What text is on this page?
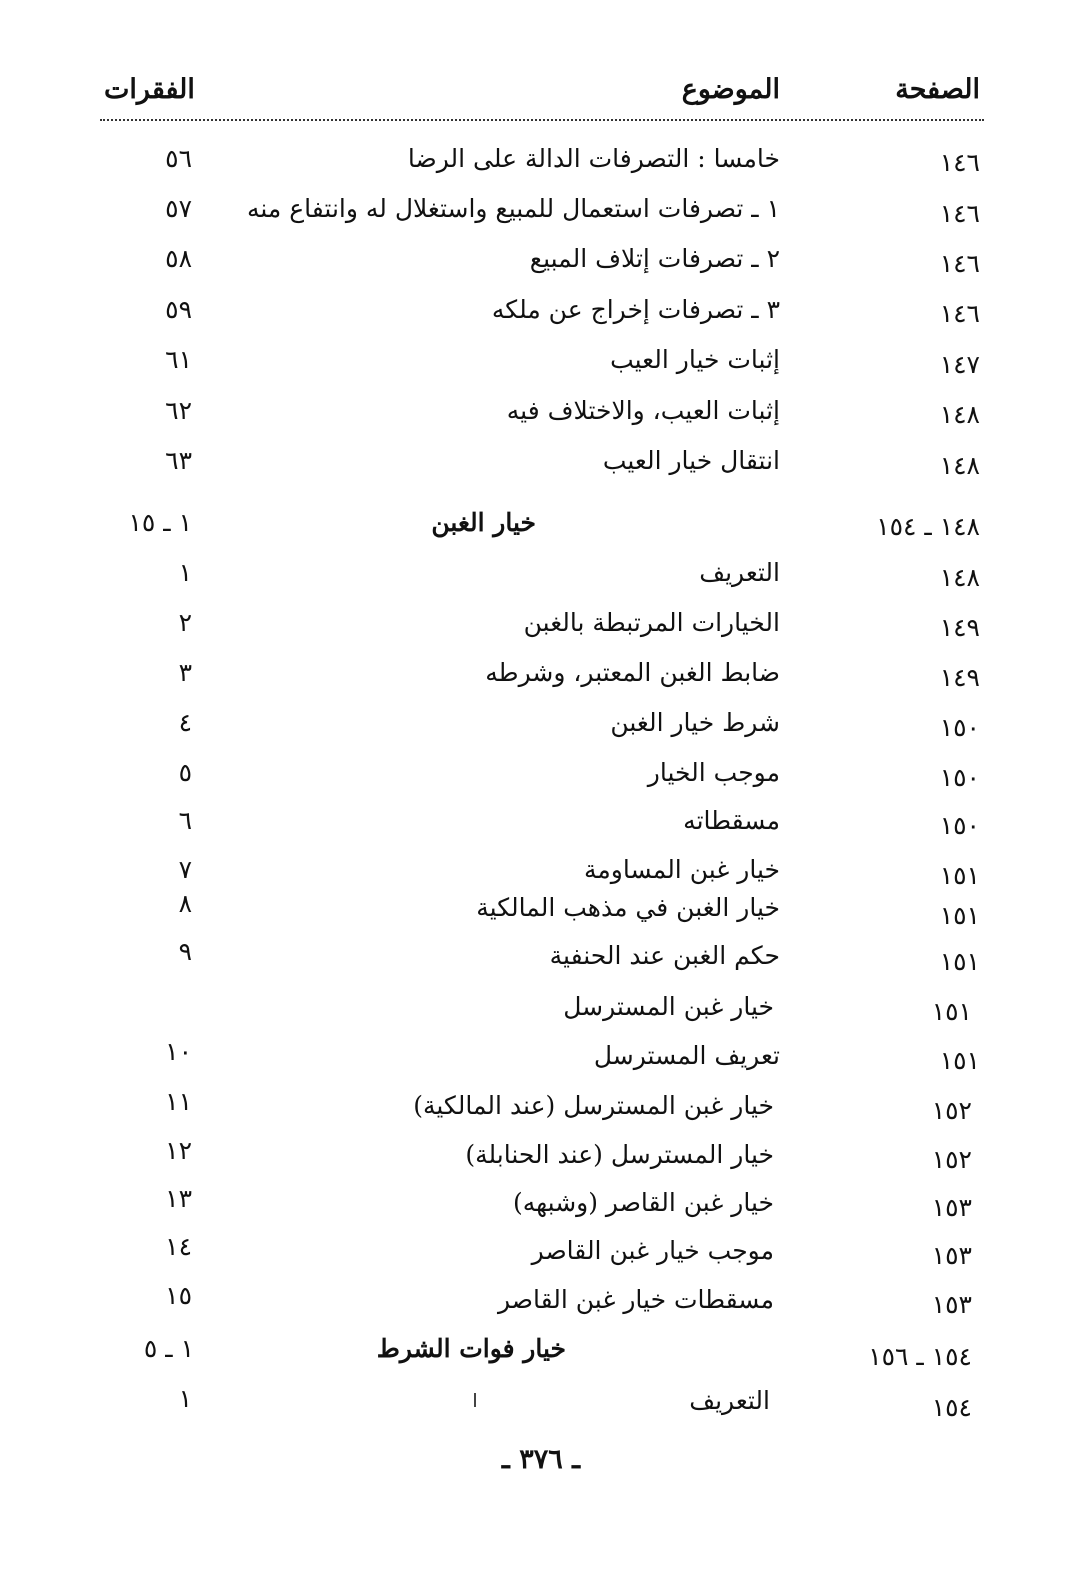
الصفحة
الموضوع
الفقرات
١٤٦
خامسا : التصرفات الدالة على الرضا
٥٦
١٤٦
١ ـ تصرفات استعمال للمبيع واستغلال له وانتفاع منه
٥٧
١٤٦
٢ ـ تصرفات إتلاف المبيع
٥٨
١٤٦
٣ ـ تصرفات إخراج عن ملكه
٥٩
١٤٧
إثبات خيار العيب
٦١
١٤٨
إثبات العيب، والاختلاف فيه
٦٢
١٤٨
انتقال خيار العيب
٦٣
١٤٨ ـ ١٥٤
خيار الغبن
١ ـ ١٥
١٤٨
التعريف
١
١٤٩
الخيارات المرتبطة بالغبن
٢
١٤٩
ضابط الغبن المعتبر، وشرطه
٣
١٥٠
شرط خيار الغبن
٤
١٥٠
موجب الخيار
٥
١٥٠
مسقطاته
٦
١٥١
خيار غبن المساومة
٧
١٥١
خيار الغبن في مذهب المالكية
٨
١٥١
حكم الغبن عند الحنفية
٩
١٥١
خيار غبن المسترسل
١٥١
تعريف المسترسل
١٠
١٥٢
خيار غبن المسترسل (عند المالكية)
١١
١٥٢
خيار المسترسل (عند الحنابلة)
١٢
١٥٣
خيار غبن القاصر (وشبهه)
١٣
١٥٣
موجب خيار غبن القاصر
١٤
١٥٣
مسقطات خيار غبن القاصر
١٥
١٥٤ ـ ١٥٦
خيار فوات الشرط
١ ـ ٥
١٥٤
التعريف
١
ـ ٣٧٦ ـ
